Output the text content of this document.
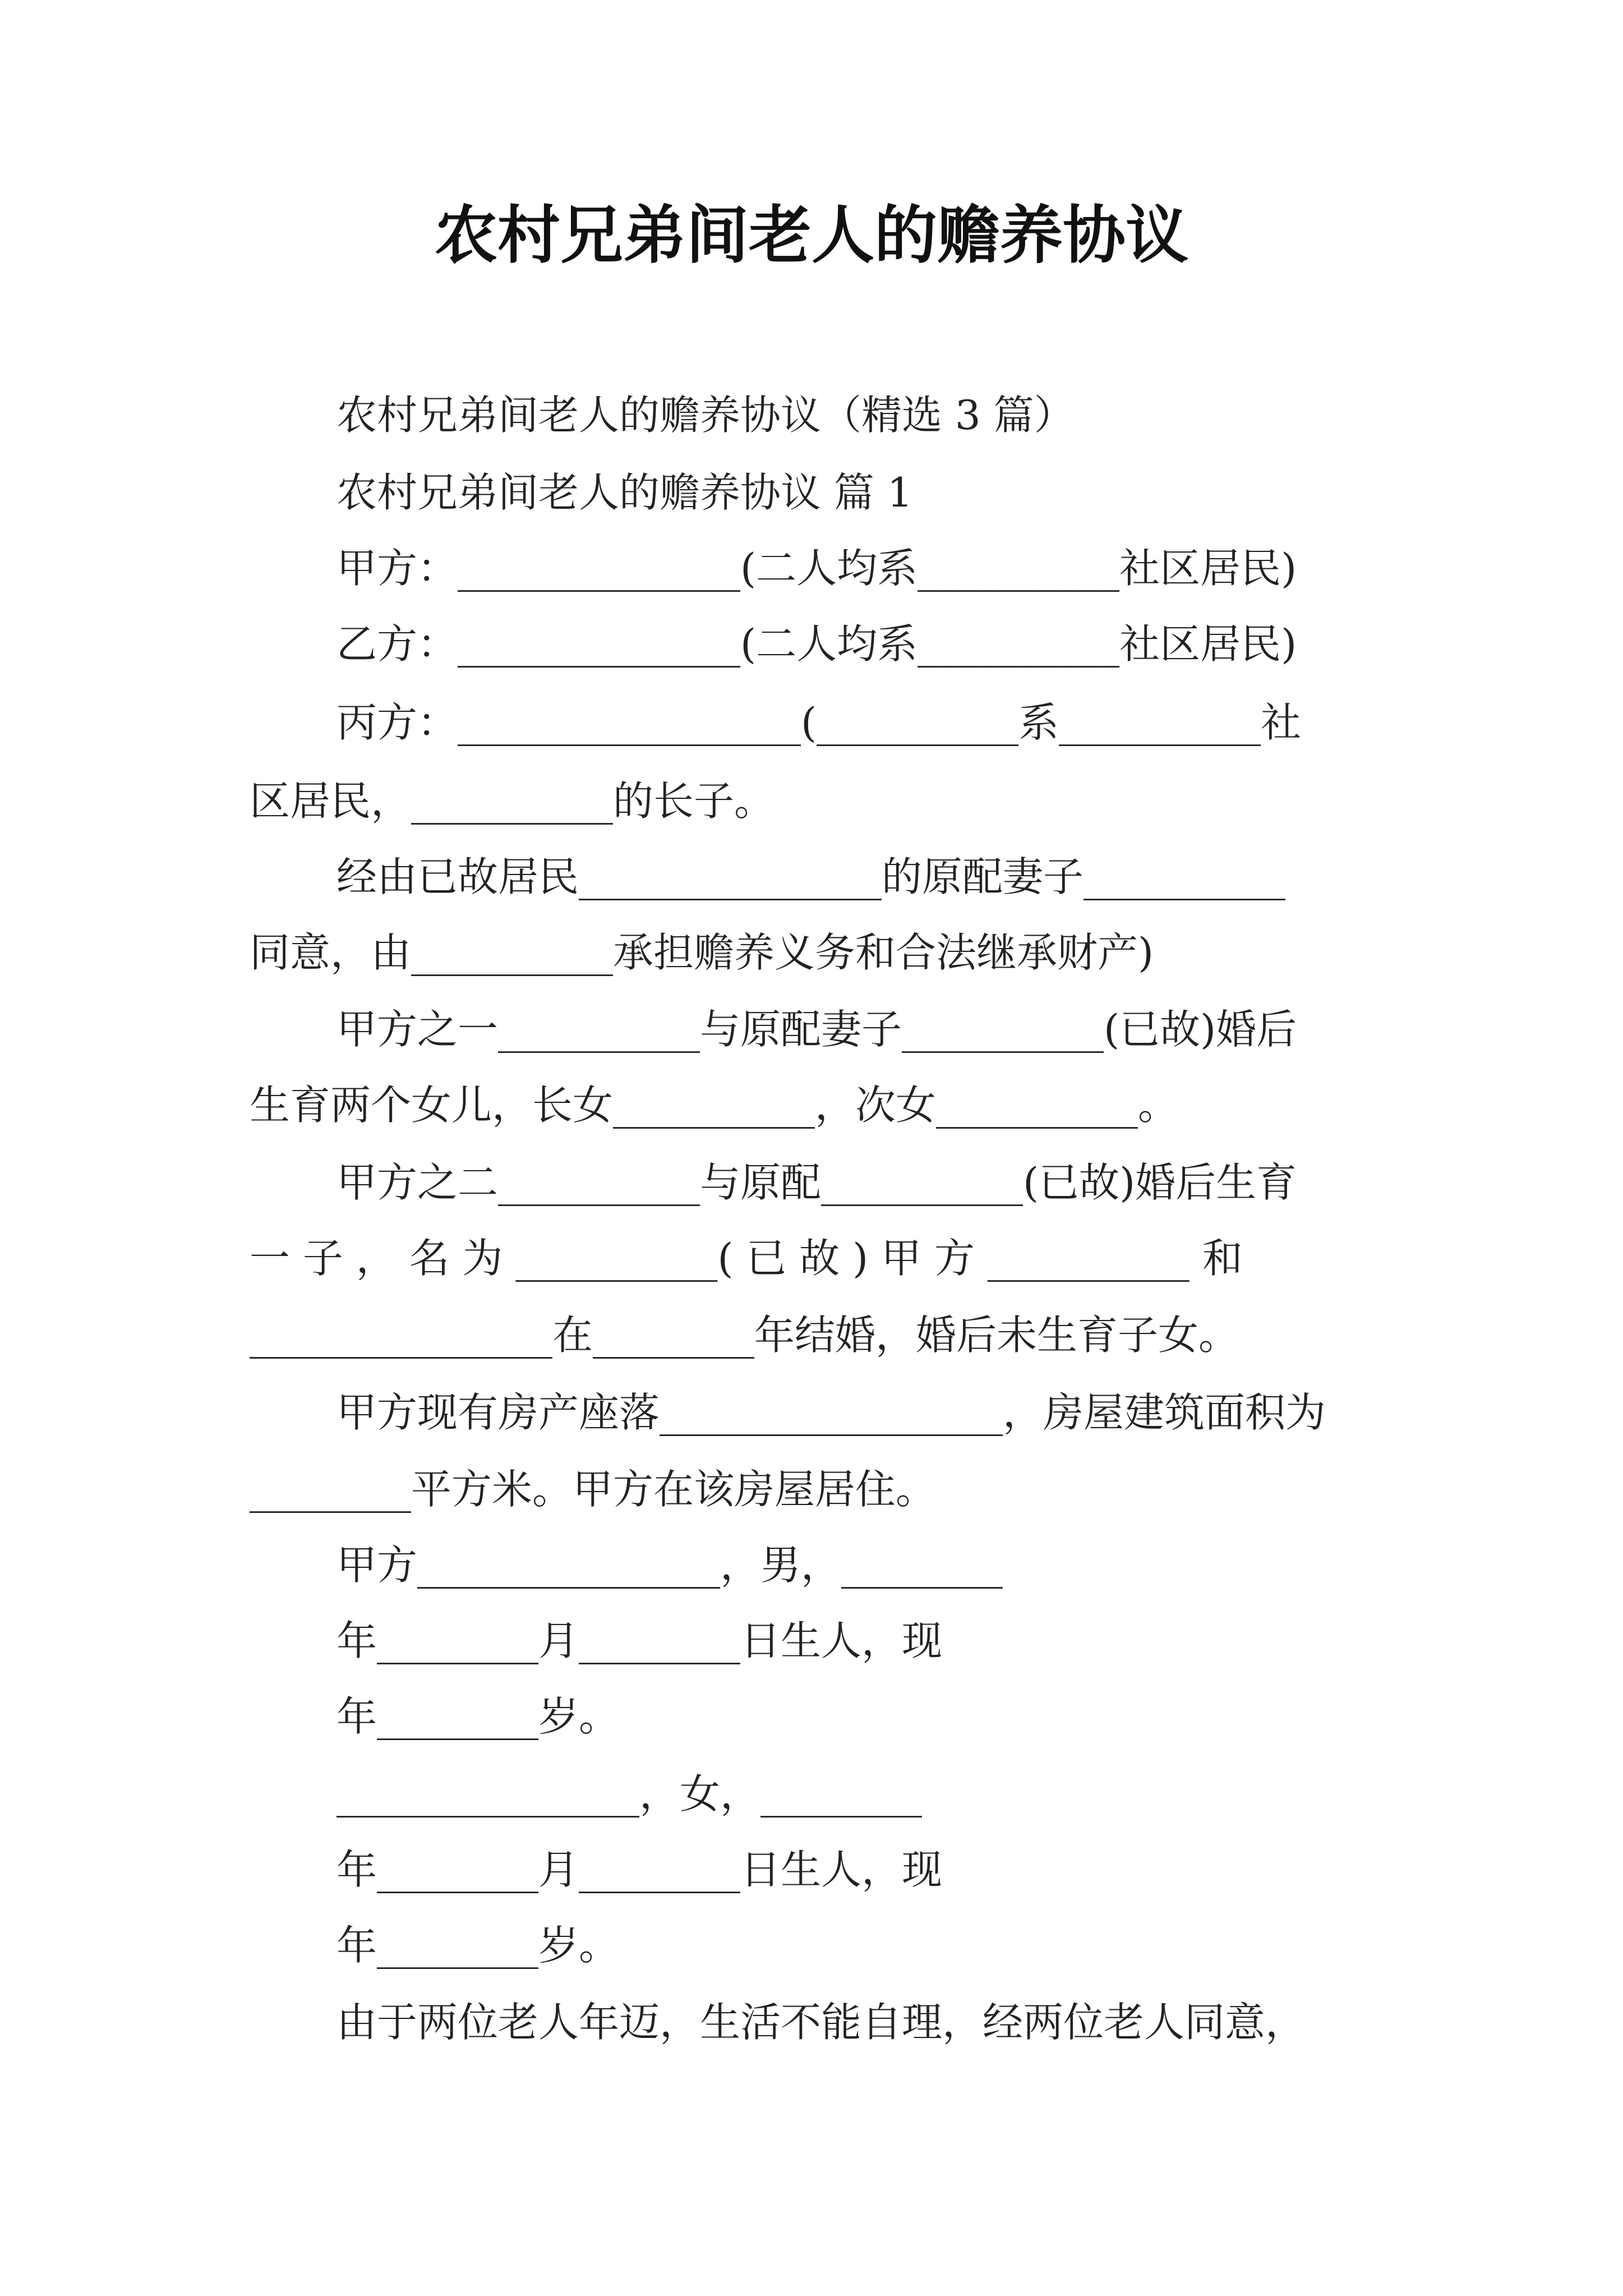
农村兄弟间老人的赡养协议
农村兄弟间老人的赡养协议（精选 3 篇）
农村兄弟间老人的赡养协议 篇 1
甲方：______________(二人均系__________社区居民)
乙方：______________(二人均系__________社区居民)
丙方：_________________(__________系__________社
区居民，__________的长子。
经由已故居民_______________的原配妻子__________
同意，由__________承担赡养义务和合法继承财产)
甲方之一__________与原配妻子__________(已故)婚后
生育两个女儿，长女__________，次女__________。
甲方之二__________与原配__________(已故)婚后生育
一 子 ， 名 为 __________( 已 故 ) 甲 方 __________ 和
_______________在________年结婚，婚后未生育子女。
甲方现有房产座落_________________，房屋建筑面积为
________平方米。甲方在该房屋居住。
甲方_______________，男，________
年________月________日生人，现
年________岁。
_______________，女，________
年________月________日生人，现
年________岁。
由于两位老人年迈，生活不能自理，经两位老人同意，
